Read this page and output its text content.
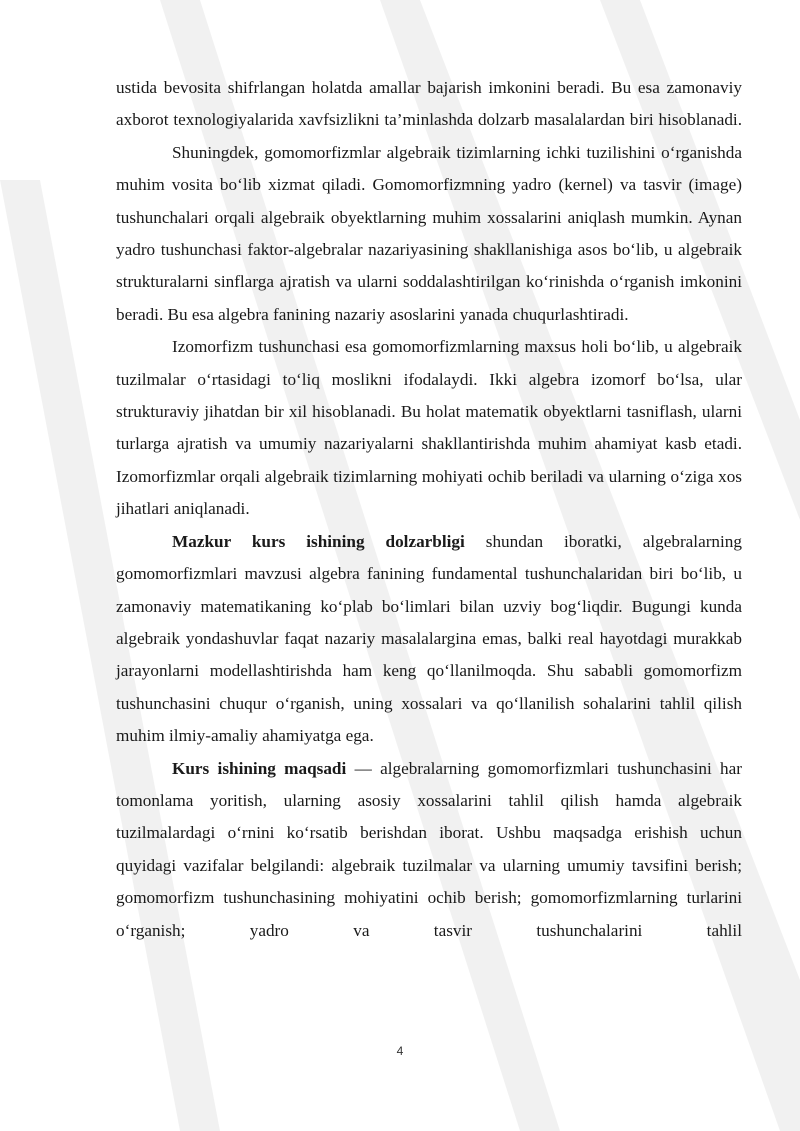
ustida bevosita shifrlangan holatda amallar bajarish imkonini beradi. Bu esa zamonaviy axborot texnologiyalarida xavfsizlikni ta’minlashda dolzarb masalalardan biri hisoblanadi.

Shuningdek, gomomorfizmlar algebraik tizimlarning ichki tuzilishini o‘rganishda muhim vosita bo‘lib xizmat qiladi. Gomomorfizmning yadro (kernel) va tasvir (image) tushunchalari orqali algebraik obyektlarning muhim xossalarini aniqlash mumkin. Aynan yadro tushunchasi faktor-algebralar nazariyasining shakllanishiga asos bo‘lib, u algebraik strukturalarni sinflarga ajratish va ularni soddalashtirilgan ko‘rinishda o‘rganish imkonini beradi. Bu esa algebra fanining nazariy asoslarini yanada chuqurlashtiradi.

Izomorfizm tushunchasi esa gomomorfizmlarning maxsus holi bo‘lib, u algebraik tuzilmalar o‘rtasidagi to‘liq moslikni ifodalaydi. Ikki algebra izomorf bo‘lsa, ular strukturaviy jihatdan bir xil hisoblanadi. Bu holat matematik obyektlarni tasniflash, ularni turlarga ajratish va umumiy nazariyalarni shakllantirishda muhim ahamiyat kasb etadi. Izomorfizmlar orqali algebraik tizimlarning mohiyati ochib beriladi va ularning o‘ziga xos jihatlari aniqlanadi.

Mazkur kurs ishining dolzarbligi shundan iboratki, algebralarning gomomorfizmlari mavzusi algebra fanining fundamental tushunchalaridan biri bo‘lib, u zamonaviy matematikaning ko‘plab bo‘limlari bilan uzviy bog‘liqdir. Bugungi kunda algebraik yondashuvlar faqat nazariy masalalargina emas, balki real hayotdagi murakkab jarayonlarni modellashtirishda ham keng qo‘llanilmoqda. Shu sababli gomomorfizm tushunchasini chuqur o‘rganish, uning xossalari va qo‘llanilish sohalarini tahlil qilish muhim ilmiy-amaliy ahamiyatga ega.

Kurs ishining maqsadi — algebralarning gomomorfizmlari tushunchasini har tomonlama yoritish, ularning asosiy xossalarini tahlil qilish hamda algebraik tuzilmalardagi o‘rnini ko‘rsatib berishdan iborat. Ushbu maqsadga erishish uchun quyidagi vazifalar belgilandi: algebraik tuzilmalar va ularning umumiy tavsifini berish; gomomorfizm tushunchasining mohiyatini ochib berish; gomomorfizmlarning turlarini o‘rganish; yadro va tasvir tushunchalarini tahlil

4
